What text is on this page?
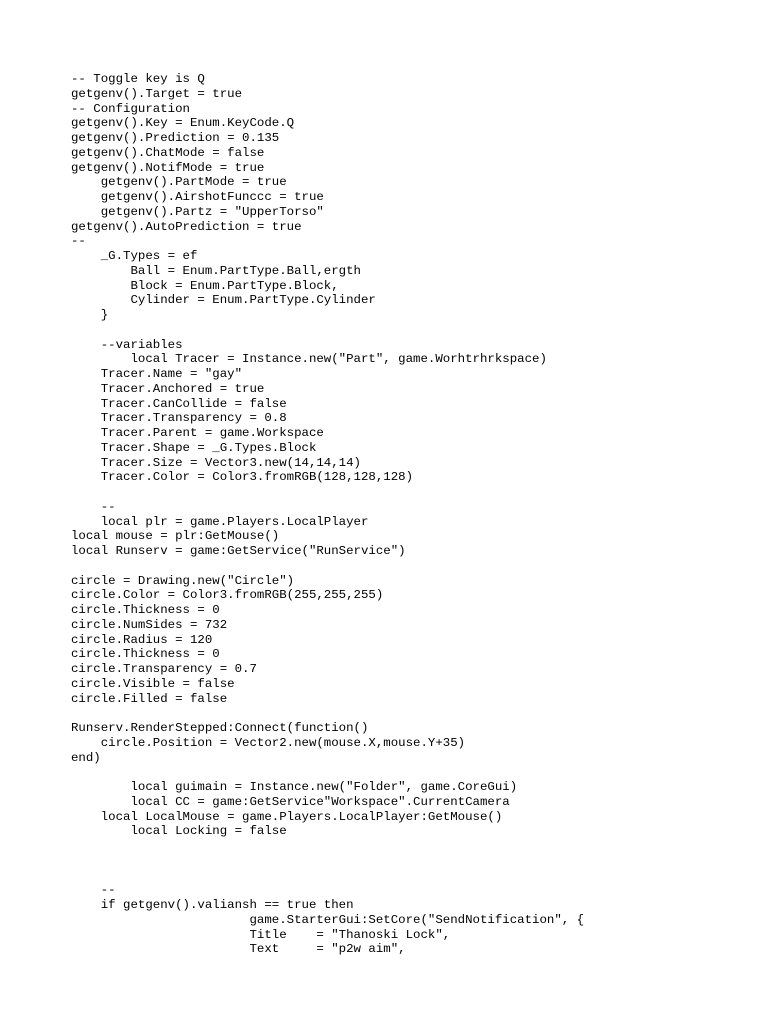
-- Toggle key is Q
getgenv().Target = true
-- Configuration
getgenv().Key = Enum.KeyCode.Q
getgenv().Prediction = 0.135
getgenv().ChatMode = false
getgenv().NotifMode = true
getgenv().PartMode = true
getgenv().AirshotFunccc = true
getgenv().Partz = "UpperTorso"
getgenv().AutoPrediction = true
--
_G.Types = ef
Ball = Enum.PartType.Ball,ergth
Block = Enum.PartType.Block,
Cylinder = Enum.PartType.Cylinder
}
--variables
local Tracer = Instance.new("Part", game.Worhtrhrkspace)
Tracer.Name = "gay"
Tracer.Anchored = true
Tracer.CanCollide = false
Tracer.Transparency = 0.8
Tracer.Parent = game.Workspace
Tracer.Shape = _G.Types.Block
Tracer.Size = Vector3.new(14,14,14)
Tracer.Color = Color3.fromRGB(128,128,128)
--
local plr = game.Players.LocalPlayer
local mouse = plr:GetMouse()
local Runserv = game:GetService("RunService")
circle = Drawing.new("Circle")
circle.Color = Color3.fromRGB(255,255,255)
circle.Thickness = 0
circle.NumSides = 732
circle.Radius = 120
circle.Thickness = 0
circle.Transparency = 0.7
circle.Visible = false
circle.Filled = false
Runserv.RenderStepped:Connect(function()
circle.Position = Vector2.new(mouse.X,mouse.Y+35)
end)
local guimain = Instance.new("Folder", game.CoreGui)
local CC = game:GetService"Workspace".CurrentCamera
local LocalMouse = game.Players.LocalPlayer:GetMouse()
local Locking = false
--
if getgenv().valiansh == true then
game.StarterGui:SetCore("SendNotification", {
Title    = "Thanoski Lock",
Text     = "p2w aim",
